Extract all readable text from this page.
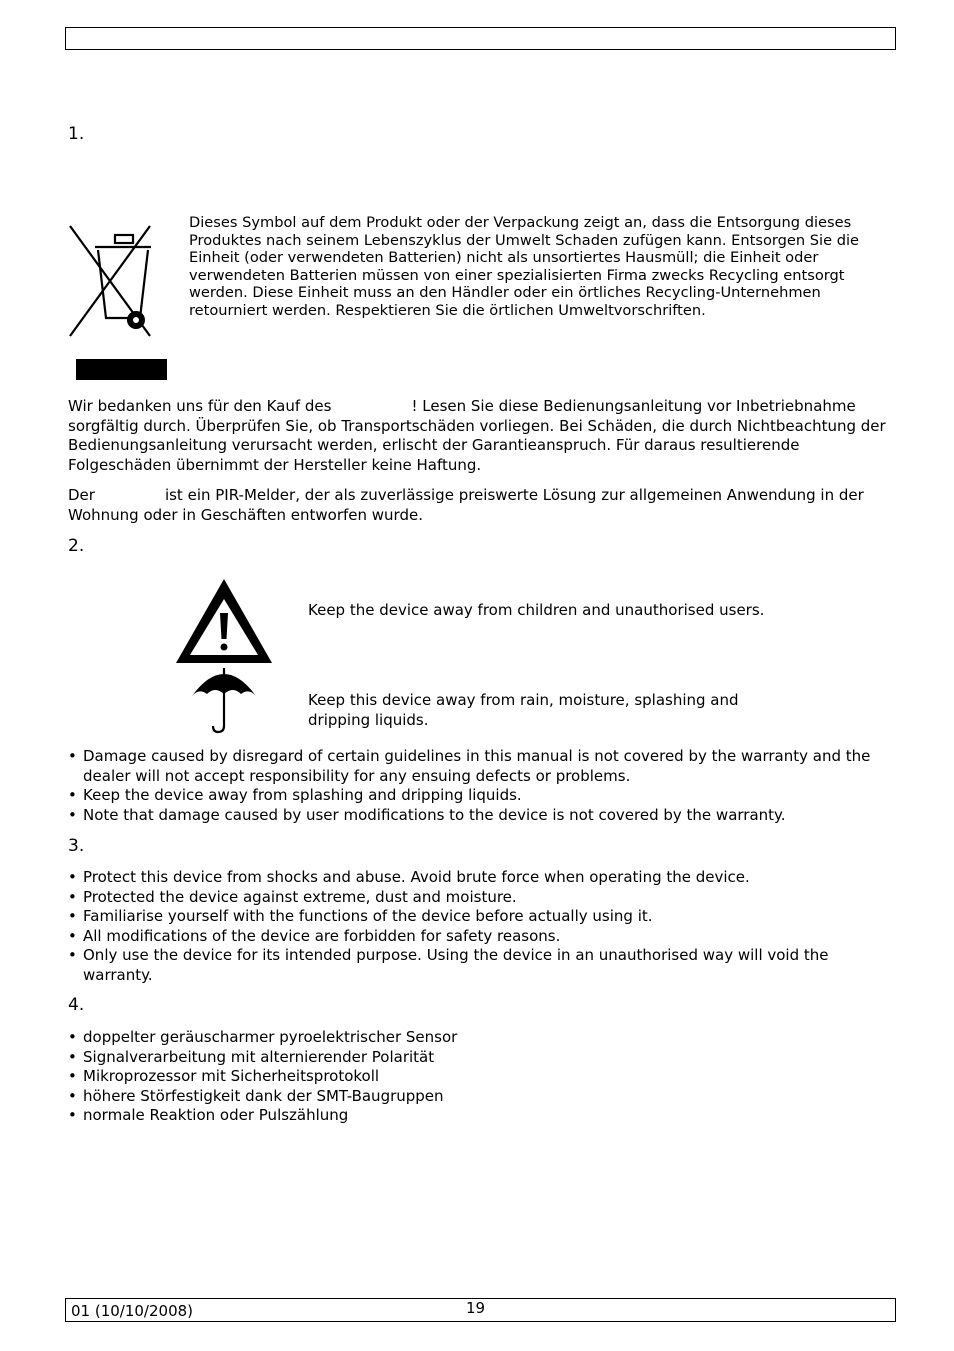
1.
Dieses Symbol auf dem Produkt oder der Verpackung zeigt an, dass die Entsorgung dieses Produktes nach seinem Lebenszyklus der Umwelt Schaden zufügen kann. Entsorgen Sie die Einheit (oder verwendeten Batterien) nicht als unsortiertes Hausmüll; die Einheit oder verwendeten Batterien müssen von einer spezialisierten Firma zwecks Recycling entsorgt werden. Diese Einheit muss an den Händler oder ein örtliches Recycling-Unternehmen retourniert werden. Respektieren Sie die örtlichen Umweltvorschriften.
Wir bedanken uns für den Kauf des	! Lesen Sie diese Bedienungsanleitung vor Inbetriebnahme sorgfältig durch. Überprüfen Sie, ob Transportschäden vorliegen. Bei Schäden, die durch Nichtbeachtung der Bedienungsanleitung verursacht werden, erlischt der Garantieanspruch. Für daraus resultierende Folgeschäden übernimmt der Hersteller keine Haftung.
Der	ist ein PIR-Melder, der als zuverlässige preiswerte Lösung zur allgemeinen Anwendung in der Wohnung oder in Geschäften entworfen wurde.
2.
Keep the device away from children and unauthorised users.
Keep this device away from rain, moisture, splashing and dripping liquids.
• Damage caused by disregard of certain guidelines in this manual is not covered by the warranty and the dealer will not accept responsibility for any ensuing defects or problems.
• Keep the device away from splashing and dripping liquids.
• Note that damage caused by user modifications to the device is not covered by the warranty.
3.
• Protect this device from shocks and abuse. Avoid brute force when operating the device.
• Protected the device against extreme, dust and moisture.
• Familiarise yourself with the functions of the device before actually using it.
• All modifications of the device are forbidden for safety reasons.
• Only use the device for its intended purpose. Using the device in an unauthorised way will void the warranty.
4.
• doppelter geräuscharmer pyroelektrischer Sensor
• Signalverarbeitung mit alternierender Polarität
• Mikroprozessor mit Sicherheitsprotokoll
• höhere Störfestigkeit dank der SMT-Baugruppen
• normale Reaktion oder Pulszählung
01 (10/10/2008)	19
